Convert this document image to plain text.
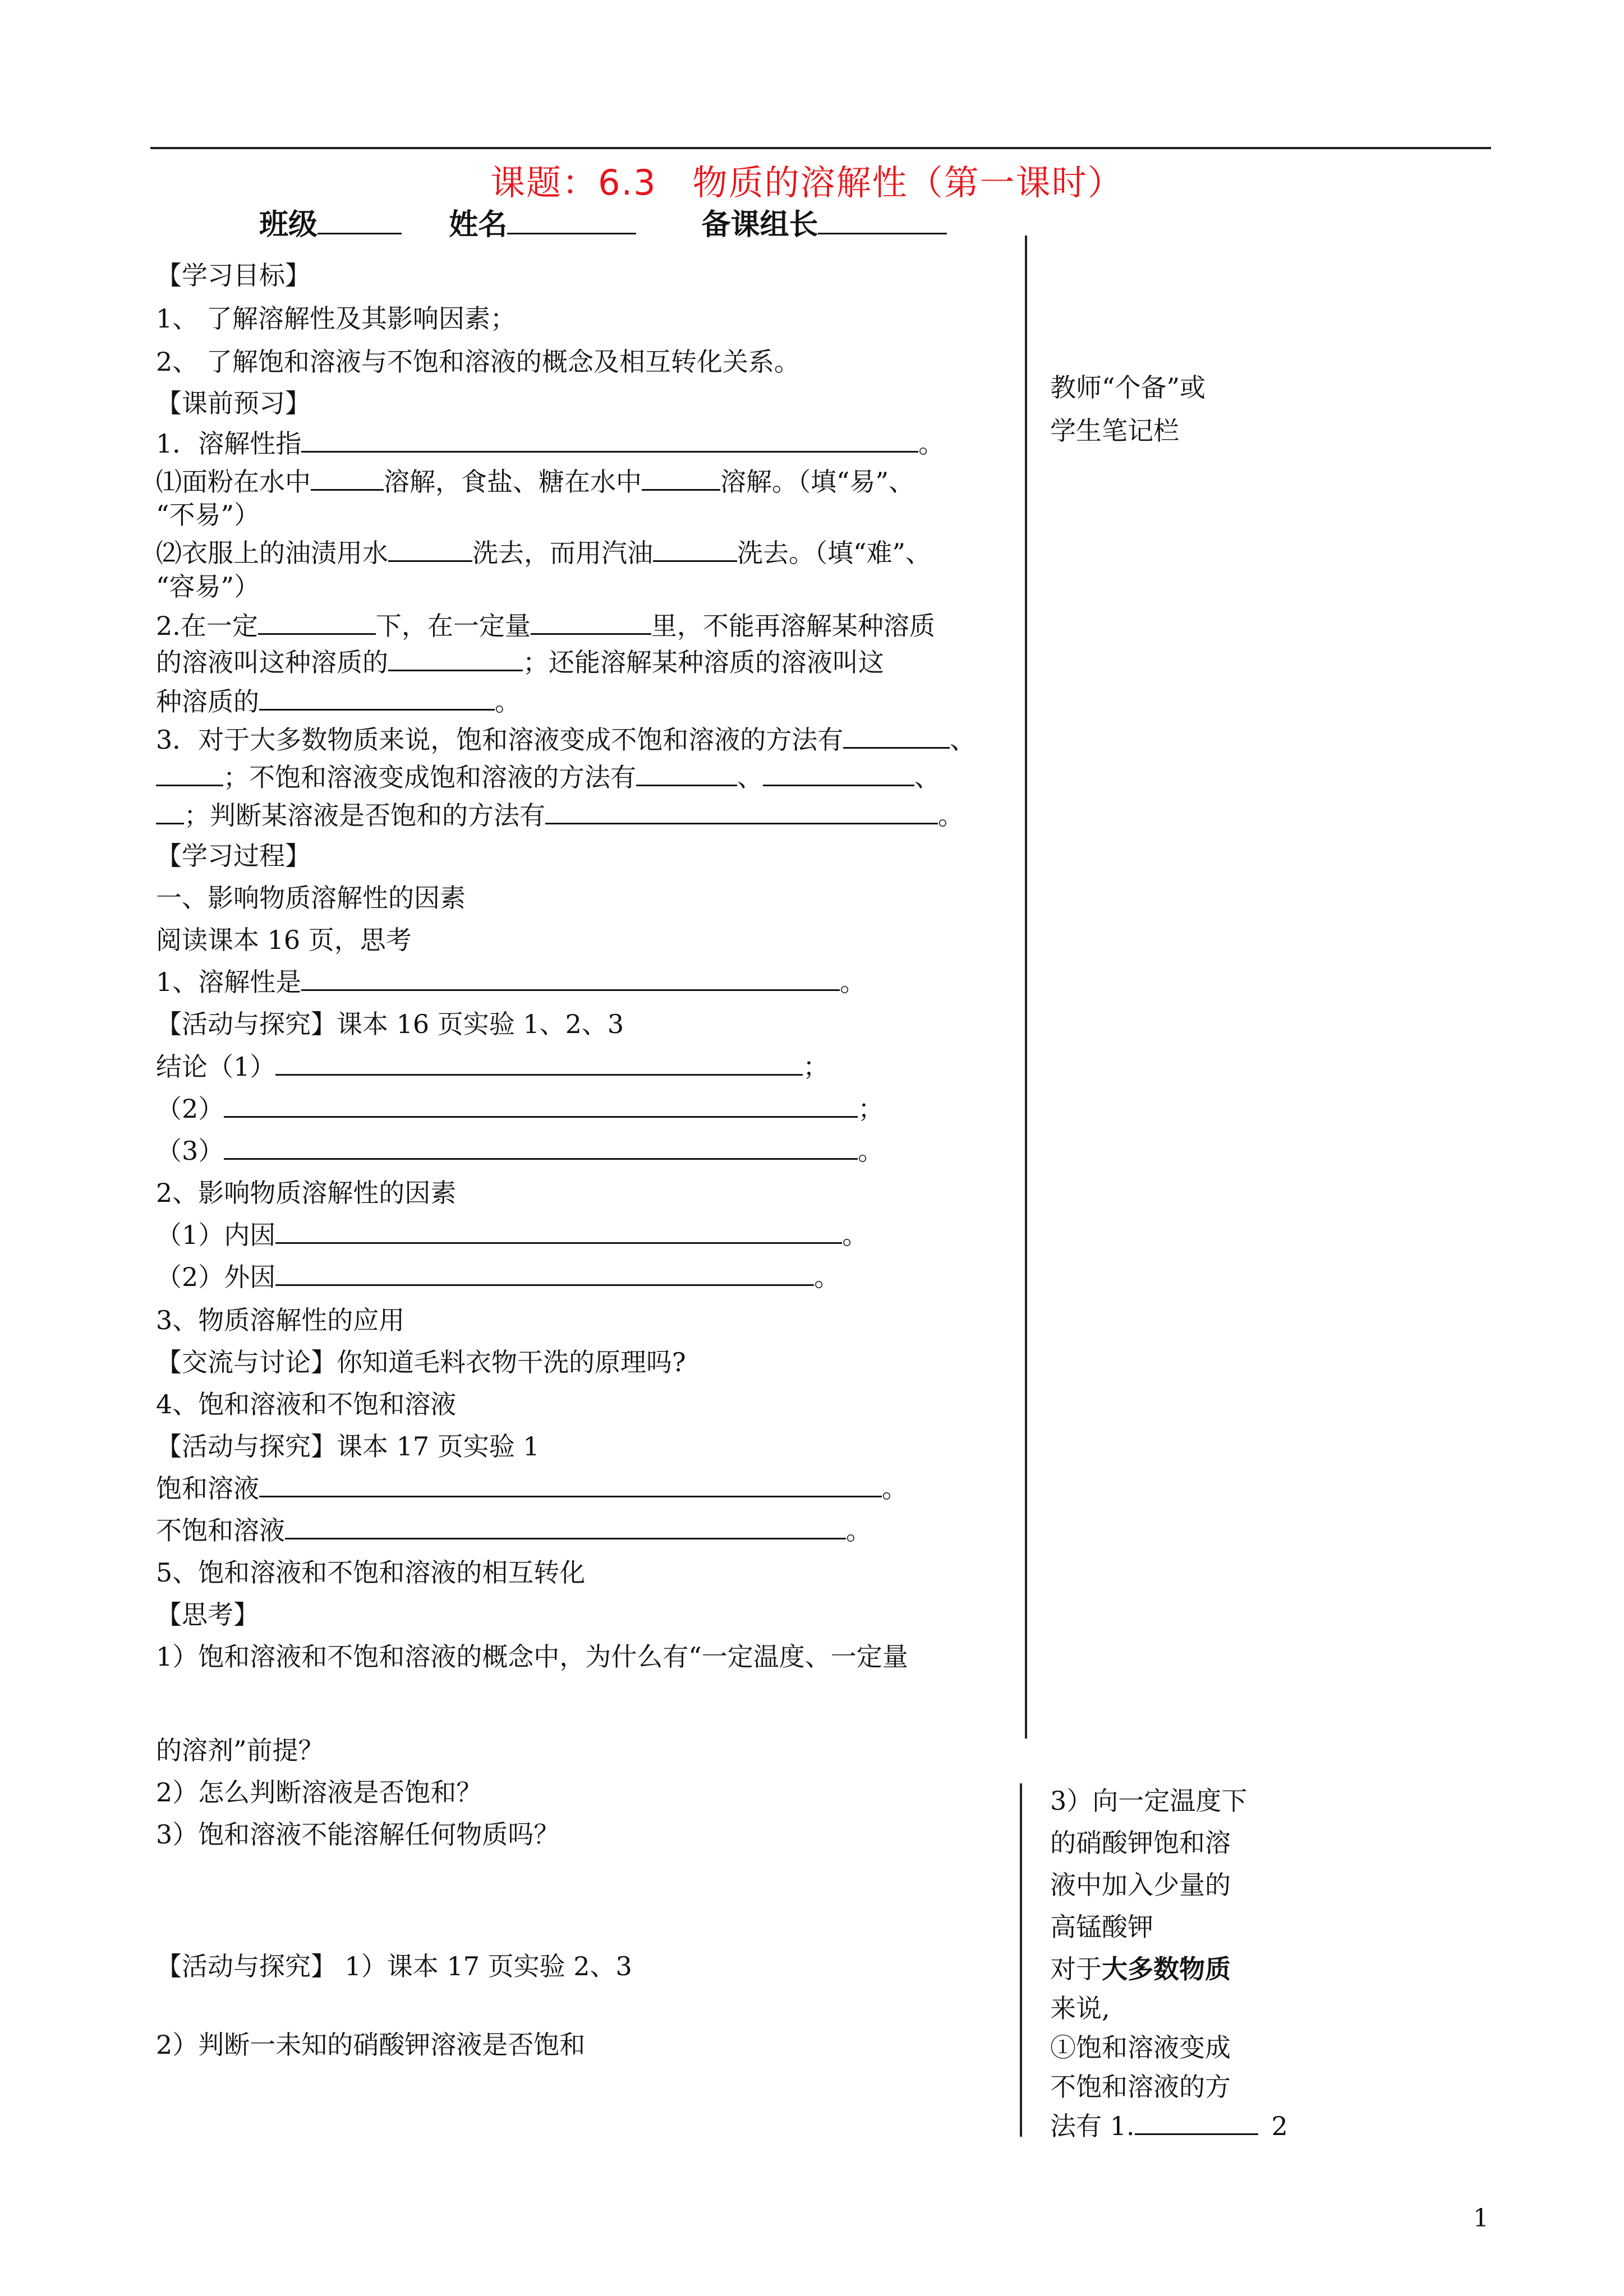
课题：6.3　物质的溶解性（第一课时）
班级	姓名	备课组长
【学习目标】
1、 了解溶解性及其影响因素；
2、 了解饱和溶液与不饱和溶液的概念及相互转化关系。
【课前预习】
1．溶解性指	。
⑴面粉在水中	溶解，食盐、糖在水中	溶解。（填“易”、
“不易”）
⑵衣服上的油渍用水	洗去，而用汽油	洗去。（填“难”、
“容易”）
2.在一定	下，在一定量	里，不能再溶解某种溶质
的溶液叫这种溶质的	；还能溶解某种溶质的溶液叫这
种溶质的	。
3．对于大多数物质来说，饱和溶液变成不饱和溶液的方法有	、
；不饱和溶液变成饱和溶液的方法有	、	、
；判断某溶液是否饱和的方法有	。
【学习过程】
一、影响物质溶解性的因素
阅读课本 16 页，思考
1、溶解性是	。
【活动与探究】课本 16 页实验 1、2、3
结论（1）	；
（2）	；
（3）	。
2、影响物质溶解性的因素
（1）内因	。
（2）外因	。
3、物质溶解性的应用
【交流与讨论】你知道毛料衣物干洗的原理吗?
4、饱和溶液和不饱和溶液
【活动与探究】课本 17 页实验 1
饱和溶液	。
不饱和溶液	。
5、饱和溶液和不饱和溶液的相互转化
【思考】
1）饱和溶液和不饱和溶液的概念中，为什么有“一定温度、一定量
的溶剂”前提？
2）怎么判断溶液是否饱和？
3）饱和溶液不能溶解任何物质吗？
【活动与探究】 1）课本 17 页实验 2、3
2）判断一未知的硝酸钾溶液是否饱和
教师“个备”或
学生笔记栏
3）向一定温度下
的硝酸钾饱和溶
液中加入少量的
高锰酸钾
对于大多数物质
来说,
①饱和溶液变成
不饱和溶液的方
法有 1.	2
1
